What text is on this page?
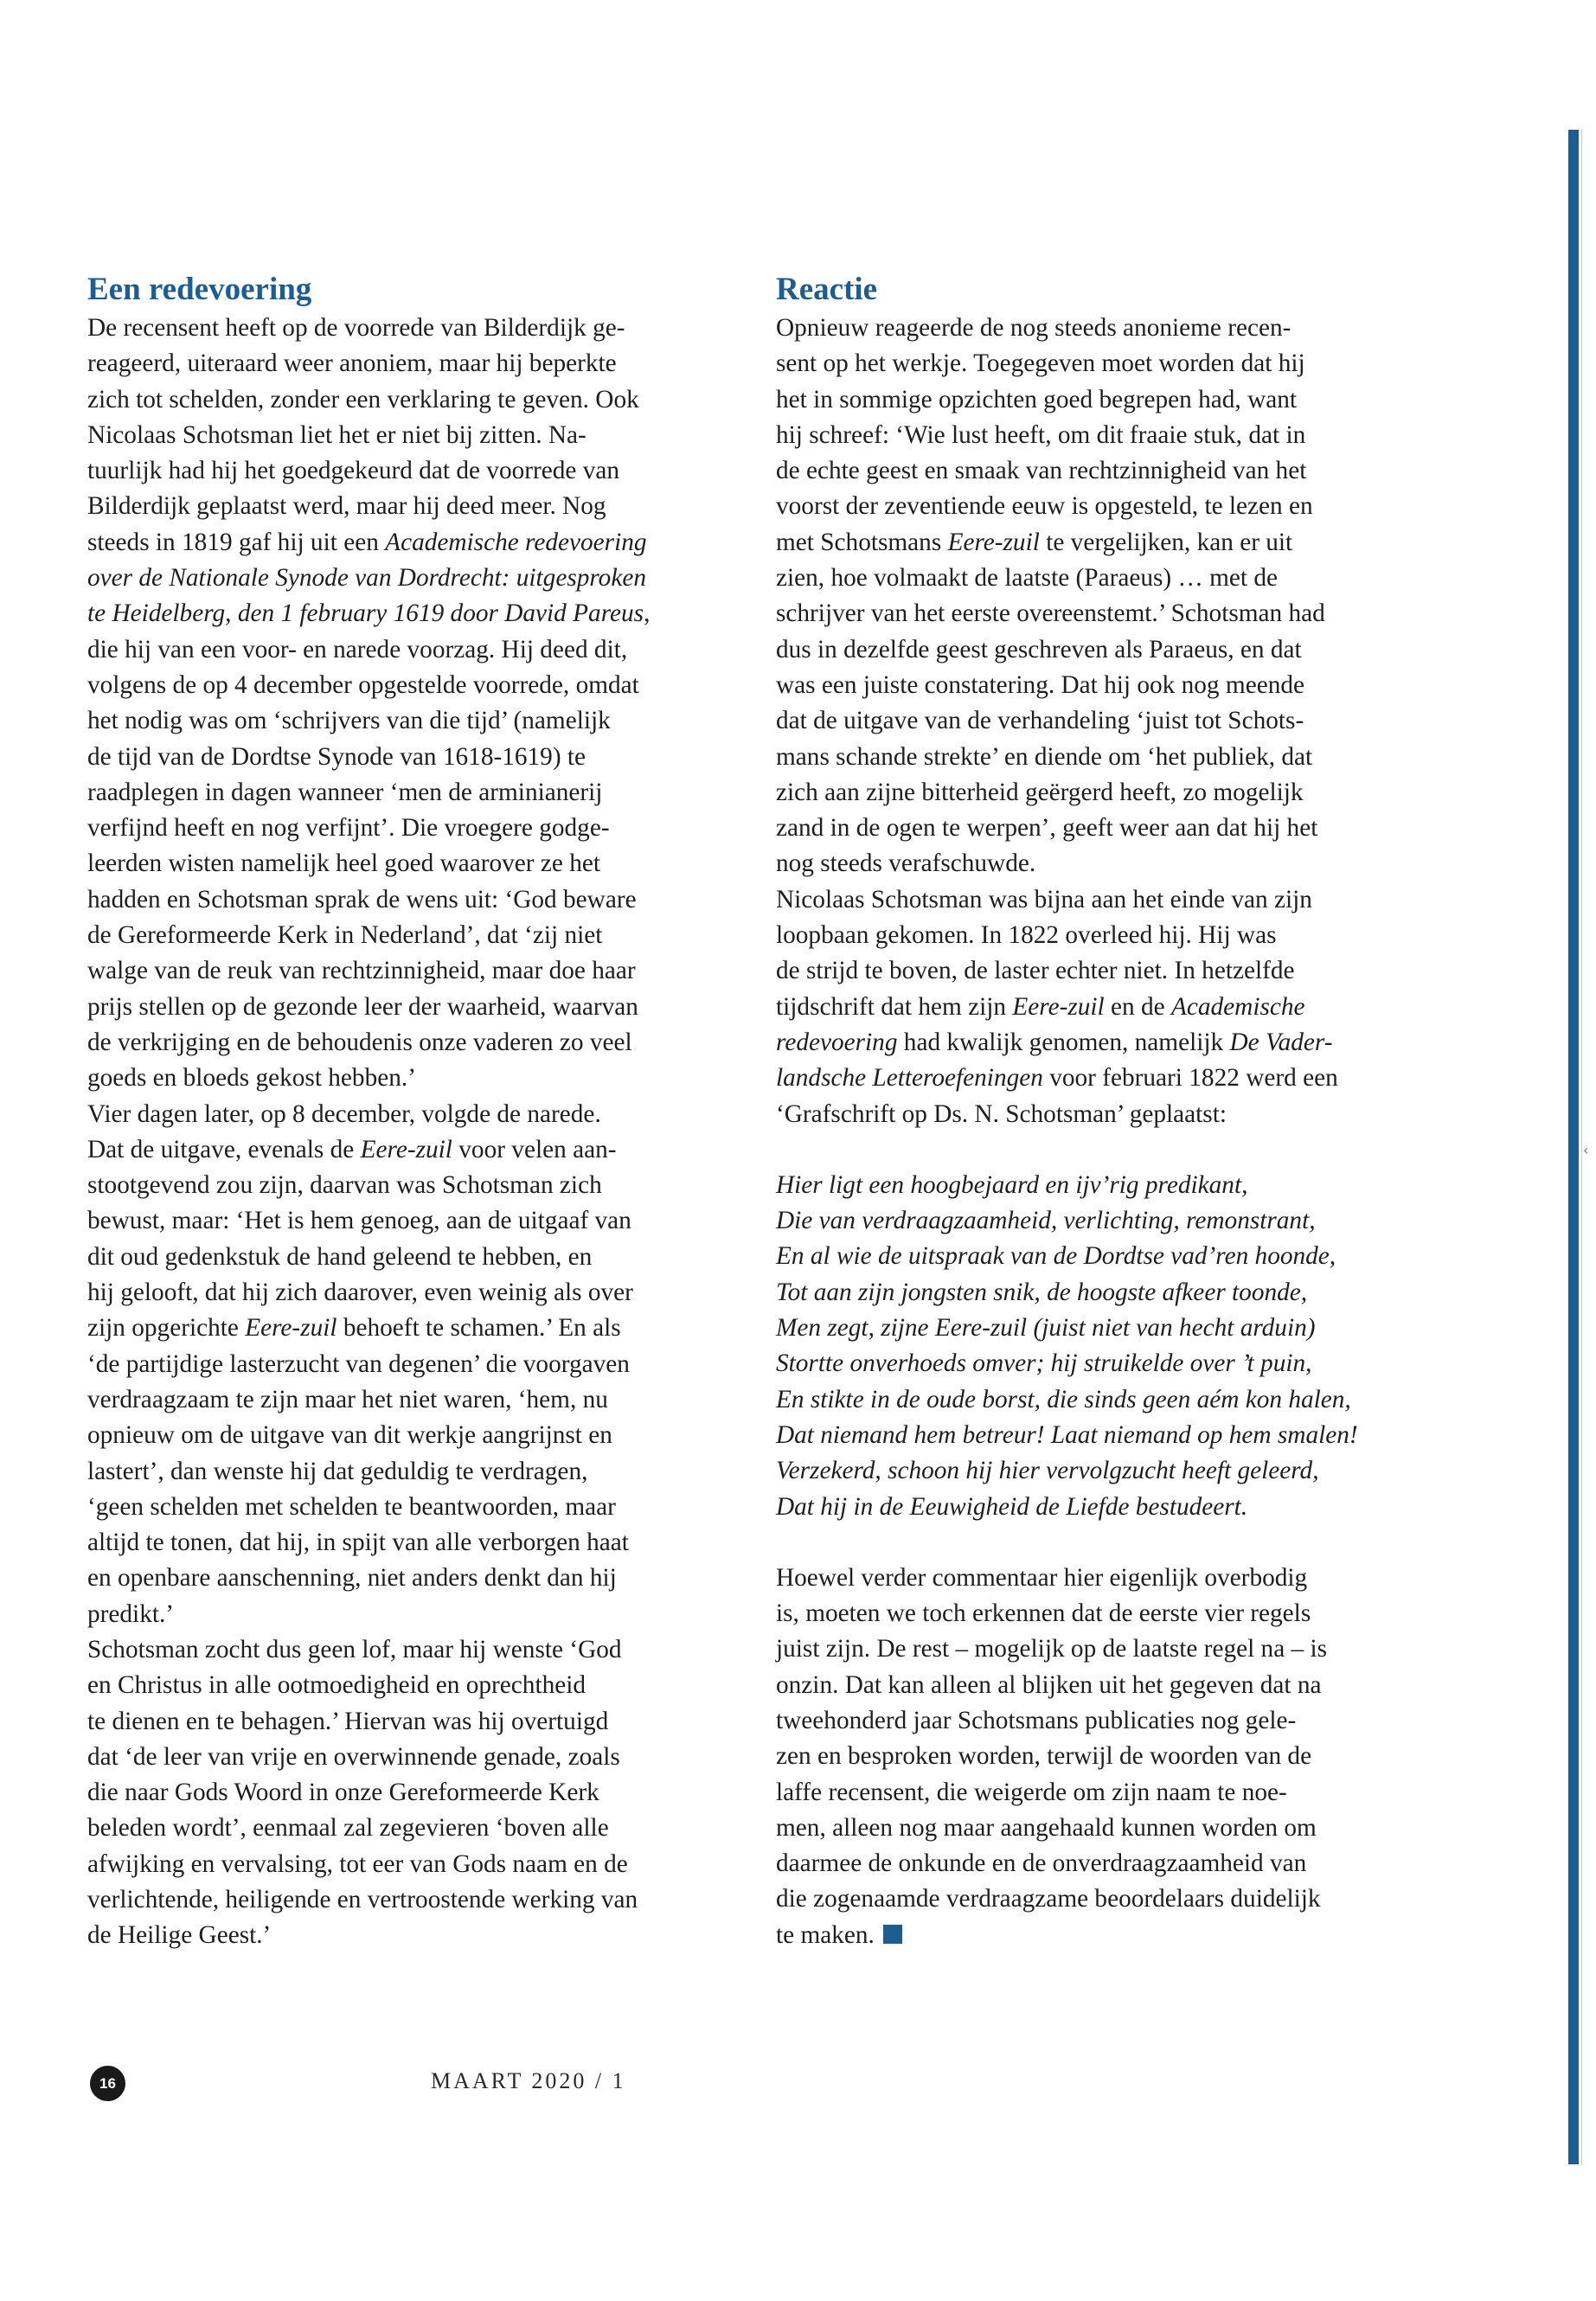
Een redevoering
De recensent heeft op de voorrede van Bilderdijk ge-
reageerd, uiteraard weer anoniem, maar hij beperkte
zich tot schelden, zonder een verklaring te geven. Ook
Nicolaas Schotsman liet het er niet bij zitten. Na-
tuurlijk had hij het goedgekeurd dat de voorrede van
Bilderdijk geplaatst werd, maar hij deed meer. Nog
steeds in 1819 gaf hij uit een Academische redevoering
over de Nationale Synode van Dordrecht: uitgesproken
te Heidelberg, den 1 february 1619 door David Pareus,
die hij van een voor- en narede voorzag. Hij deed dit,
volgens de op 4 december opgestelde voorrede, omdat
het nodig was om ‘schrijvers van die tijd’ (namelijk
de tijd van de Dordtse Synode van 1618-1619) te
raadplegen in dagen wanneer ‘men de arminianerij
verfijnd heeft en nog verfijnt’. Die vroegere godge-
leerden wisten namelijk heel goed waarover ze het
hadden en Schotsman sprak de wens uit: ‘God beware
de Gereformeerde Kerk in Nederland’, dat ‘zij niet
walge van de reuk van rechtzinnigheid, maar doe haar
prijs stellen op de gezonde leer der waarheid, waarvan
de verkrijging en de behoudenis onze vaderen zo veel
goeds en bloeds gekost hebben.’
Vier dagen later, op 8 december, volgde de narede.
Dat de uitgave, evenals de Eere-zuil voor velen aan-
stootgevend zou zijn, daarvan was Schotsman zich
bewust, maar: ‘Het is hem genoeg, aan de uitgaaf van
dit oud gedenkstuk de hand geleend te hebben, en
hij gelooft, dat hij zich daarover, even weinig als over
zijn opgerichte Eere-zuil behoeft te schamen.’ En als
‘de partijdige lasterzucht van degenen’ die voorgaven
verdraagzaam te zijn maar het niet waren, ‘hem, nu
opnieuw om de uitgave van dit werkje aangrijnst en
lastert’, dan wenste hij dat geduldig te verdragen,
‘geen schelden met schelden te beantwoorden, maar
altijd te tonen, dat hij, in spijt van alle verborgen haat
en openbare aanschenning, niet anders denkt dan hij
predikt.’
Schotsman zocht dus geen lof, maar hij wenste ‘God
en Christus in alle ootmoedigheid en oprechtheid
te dienen en te behagen.’ Hiervan was hij overtuigd
dat ‘de leer van vrije en overwinnende genade, zoals
die naar Gods Woord in onze Gereformeerde Kerk
beleden wordt’, eenmaal zal zegevieren ‘boven alle
afwijking en vervalsing, tot eer van Gods naam en de
verlichtende, heiligende en vertroostende werking van
de Heilige Geest.’
Reactie
Opnieuw reageerde de nog steeds anonieme recen-
sent op het werkje. Toegegeven moet worden dat hij
het in sommige opzichten goed begrepen had, want
hij schreef: ‘Wie lust heeft, om dit fraaie stuk, dat in
de echte geest en smaak van rechtzinnigheid van het
voorst der zeventiende eeuw is opgesteld, te lezen en
met Schotsmans Eere-zuil te vergelijken, kan er uit
zien, hoe volmaakt de laatste (Paraeus) … met de
schrijver van het eerste overeenstemt.’ Schotsman had
dus in dezelfde geest geschreven als Paraeus, en dat
was een juiste constatering. Dat hij ook nog meende
dat de uitgave van de verhandeling ‘juist tot Schots-
mans schande strekte’ en diende om ‘het publiek, dat
zich aan zijne bitterheid geërgerd heeft, zo mogelijk
zand in de ogen te werpen’, geeft weer aan dat hij het
nog steeds verafschuwde.
Nicolaas Schotsman was bijna aan het einde van zijn
loopbaan gekomen. In 1822 overleed hij. Hij was
de strijd te boven, de laster echter niet. In hetzelfde
tijdschrift dat hem zijn Eere-zuil en de Academische
redevoering had kwalijk genomen, namelijk De Vader-
landsche Letteroefeningen voor februari 1822 werd een
‘Grafschrift op Ds. N. Schotsman’ geplaatst:
Hier ligt een hoogbejaard en ijv’rig predikant,
Die van verdraagzaamheid, verlichting, remonstrant,
En al wie de uitspraak van de Dordtse vad’ren hoonde,
Tot aan zijn jongsten snik, de hoogste afkeer toonde,
Men zegt, zijne Eere-zuil (juist niet van hecht arduin)
Stortte onverhoeds omver; hij struikelde over ’t puin,
En stikte in de oude borst, die sinds geen aém kon halen,
Dat niemand hem betreur! Laat niemand op hem smalen!
Verzekerd, schoon hij hier vervolgzucht heeft geleerd,
Dat hij in de Eeuwigheid de Liefde bestudeert.
Hoewel verder commentaar hier eigenlijk overbodig
is, moeten we toch erkennen dat de eerste vier regels
juist zijn. De rest – mogelijk op de laatste regel na – is
onzin. Dat kan alleen al blijken uit het gegeven dat na
tweehonderd jaar Schotsmans publicaties nog gele-
zen en besproken worden, terwijl de woorden van de
laffe recensent, die weigerde om zijn naam te noe-
men, alleen nog maar aangehaald kunnen worden om
daarmee de onkunde en de onverdraagzaamheid van
die zogenaamde verdraagzame beoordelaars duidelijk
te maken.
‹
16	MAART 2020 / 1
